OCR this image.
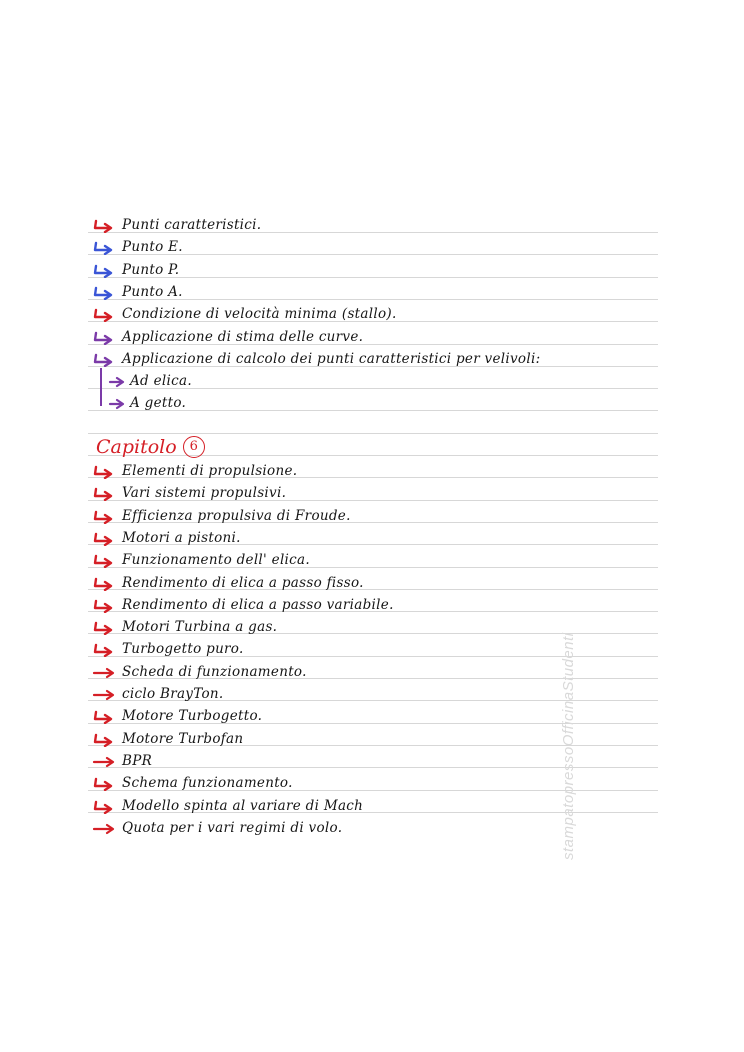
Punti caratteristici.
Punto E.
Punto P.
Punto A.
Condizione di velocità minima (stallo).
Applicazione di stima delle curve.
Applicazione di calcolo dei punti caratteristici per velivoli:
Ad elica.
A getto.
Capitolo 6
Elementi di propulsione.
Vari sistemi propulsivi.
Efficienza propulsiva di Froude.
Motori a pistoni.
Funzionamento dell' elica.
Rendimento di elica a passo fisso.
Rendimento di elica a passo variabile.
Motori Turbina a gas.
Turbogetto puro.
Scheda di funzionamento.
ciclo BrayTon.
Motore Turbogetto.
Motore Turbofan
BPR
Schema funzionamento.
Modello spinta al variare di Mach
Quota per i vari regimi di volo.	stampatopressoOfficinaStudenti
